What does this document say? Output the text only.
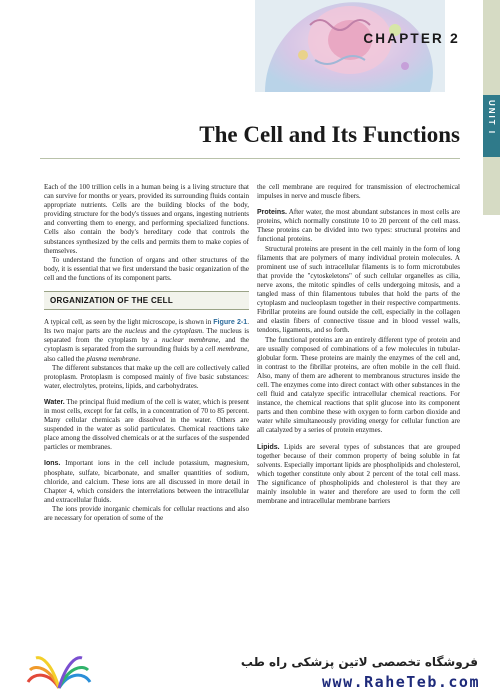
CHAPTER 2
UNIT I
The Cell and Its Functions

Each of the 100 trillion cells in a human being is a living structure that can survive for months or years, provided its surrounding fluids contain appropriate nutrients. Cells are the building blocks of the body, providing structure for the body's tissues and organs, ingesting nutrients and converting them to energy, and performing specialized functions. Cells also contain the body's hereditary code that controls the substances synthesized by the cells and permits them to make copies of themselves.

To understand the function of organs and other structures of the body, it is essential that we first understand the basic organization of the cell and the functions of its component parts.

ORGANIZATION OF THE CELL

A typical cell, as seen by the light microscope, is shown in Figure 2-1. Its two major parts are the nucleus and the cytoplasm. The nucleus is separated from the cytoplasm by a nuclear membrane, and the cytoplasm is separated from the surrounding fluids by a cell membrane, also called the plasma membrane.

The different substances that make up the cell are collectively called protoplasm. Protoplasm is composed mainly of five basic substances: water, electrolytes, proteins, lipids, and carbohydrates.

Water. The principal fluid medium of the cell is water, which is present in most cells, except for fat cells, in a concentration of 70 to 85 percent. Many cellular chemicals are dissolved in the water. Others are suspended in the water as solid particulates. Chemical reactions take place among the dissolved chemicals or at the surfaces of the suspended particles or membranes.

Ions. Important ions in the cell include potassium, magnesium, phosphate, sulfate, bicarbonate, and smaller quantities of sodium, chloride, and calcium. These ions are all discussed in more detail in Chapter 4, which considers the interrelations between the intracellular and extracellular fluids.

The ions provide inorganic chemicals for cellular reactions and also are necessary for operation of some of the

the cell membrane are required for transmission of electrochemical impulses in nerve and muscle fibers.

Proteins. After water, the most abundant substances in most cells are proteins, which normally constitute 10 to 20 percent of the cell mass. These proteins can be divided into two types: structural proteins and functional proteins.

Structural proteins are present in the cell mainly in the form of long filaments that are polymers of many individual protein molecules. A prominent use of such intracellular filaments is to form microtubules that provide the "cytoskeletons" of such cellular organelles as cilia, nerve axons, the mitotic spindles of cells undergoing mitosis, and a tangled mass of thin filamentous tubules that hold the parts of the cytoplasm and nucleoplasm together in their respective compartments. Fibrillar proteins are found outside the cell, especially in the collagen and elastin fibers of connective tissue and in blood vessel walls, tendons, ligaments, and so forth.

The functional proteins are an entirely different type of protein and are usually composed of combinations of a few molecules in tubular-globular form. These proteins are mainly the enzymes of the cell and, in contrast to the fibrillar proteins, are often mobile in the cell fluid. Also, many of them are adherent to membranous structures inside the cell. The enzymes come into direct contact with other substances in the cell fluid and catalyze specific intracellular chemical reactions. For instance, the chemical reactions that split glucose into its component parts and then combine these with oxygen to form carbon dioxide and water while simultaneously providing energy for cellular function are all catalyzed by a series of protein enzymes.

Lipids. Lipids are several types of substances that are grouped together because of their common property of being soluble in fat solvents. Especially important lipids are phospholipids and cholesterol, which together constitute only about 2 percent of the total cell mass. The significance of phospholipids and cholesterol is that they are mainly insoluble in water and therefore are used to form the cell membrane and intracellular membrane barriers

فروشگاه تخصصی لاتین پزشکی راه طب
www.RaheTeb.com
